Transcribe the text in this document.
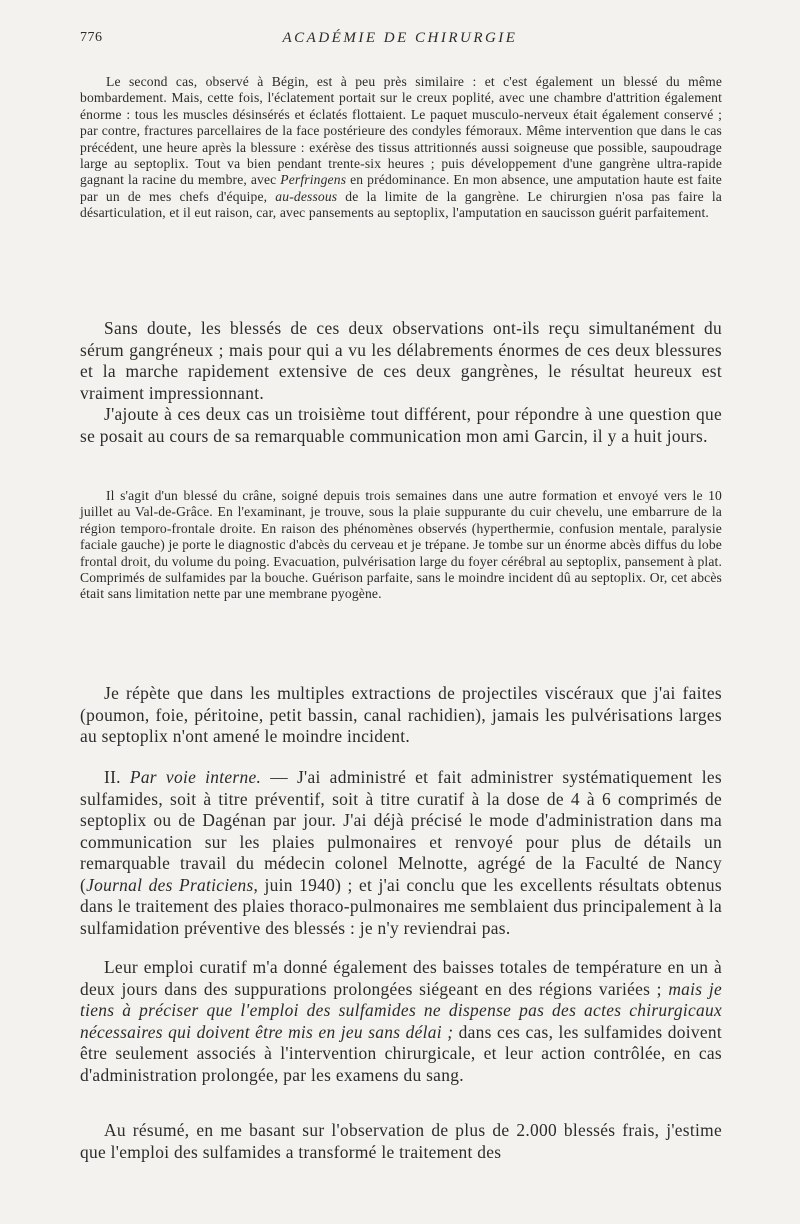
776	ACADÉMIE DE CHIRURGIE

Le second cas, observé à Bégin, est à peu près similaire : et c'est également un blessé du même bombardement. Mais, cette fois, l'éclatement portait sur le creux poplité, avec une chambre d'attrition également énorme : tous les muscles désinsérés et éclatés flottaient. Le paquet musculo-nerveux était également conservé ; par contre, fractures parcellaires de la face postérieure des condyles fémoraux. Même intervention que dans le cas précédent, une heure après la blessure : exérèse des tissus attritionnés aussi soigneuse que possible, saupoudrage large au septoplix. Tout va bien pendant trente-six heures ; puis développement d'une gangrène ultra-rapide gagnant la racine du membre, avec Perfringens en prédominance. En mon absence, une amputation haute est faite par un de mes chefs d'équipe, au-dessous de la limite de la gangrène. Le chirurgien n'osa pas faire la désarticulation, et il eut raison, car, avec pansements au septoplix, l'amputation en saucisson guérit parfaitement.

Sans doute, les blessés de ces deux observations ont-ils reçu simultanément du sérum gangréneux ; mais pour qui a vu les délabrements énormes de ces deux blessures et la marche rapidement extensive de ces deux gangrènes, le résultat heureux est vraiment impressionnant.

J'ajoute à ces deux cas un troisième tout différent, pour répondre à une question que se posait au cours de sa remarquable communication mon ami Garcin, il y a huit jours.

Il s'agit d'un blessé du crâne, soigné depuis trois semaines dans une autre formation et envoyé vers le 10 juillet au Val-de-Grâce. En l'examinant, je trouve, sous la plaie suppurante du cuir chevelu, une embarrure de la région temporo-frontale droite. En raison des phénomènes observés (hyperthermie, confusion mentale, paralysie faciale gauche) je porte le diagnostic d'abcès du cerveau et je trépane. Je tombe sur un énorme abcès diffus du lobe frontal droit, du volume du poing. Evacuation, pulvérisation large du foyer cérébral au septoplix, pansement à plat. Comprimés de sulfamides par la bouche. Guérison parfaite, sans le moindre incident dû au septoplix. Or, cet abcès était sans limitation nette par une membrane pyogène.

Je répète que dans les multiples extractions de projectiles viscéraux que j'ai faites (poumon, foie, péritoine, petit bassin, canal rachidien), jamais les pulvérisations larges au septoplix n'ont amené le moindre incident.

II. Par voie interne. — J'ai administré et fait administrer systématiquement les sulfamides, soit à titre préventif, soit à titre curatif à la dose de 4 à 6 comprimés de septoplix ou de Dagénan par jour. J'ai déjà précisé le mode d'administration dans ma communication sur les plaies pulmonaires et renvoyé pour plus de détails un remarquable travail du médecin colonel Melnotte, agrégé de la Faculté de Nancy (Journal des Praticiens, juin 1940) ; et j'ai conclu que les excellents résultats obtenus dans le traitement des plaies thoraco-pulmonaires me semblaient dus principalement à la sulfamidation préventive des blessés : je n'y reviendrai pas.

Leur emploi curatif m'a donné également des baisses totales de température en un à deux jours dans des suppurations prolongées siégeant en des régions variées ; mais je tiens à préciser que l'emploi des sulfamides ne dispense pas des actes chirurgicaux nécessaires qui doivent être mis en jeu sans délai ; dans ces cas, les sulfamides doivent être seulement associés à l'intervention chirurgicale, et leur action contrôlée, en cas d'administration prolongée, par les examens du sang.

Au résumé, en me basant sur l'observation de plus de 2.000 blessés frais, j'estime que l'emploi des sulfamides a transformé le traitement des
